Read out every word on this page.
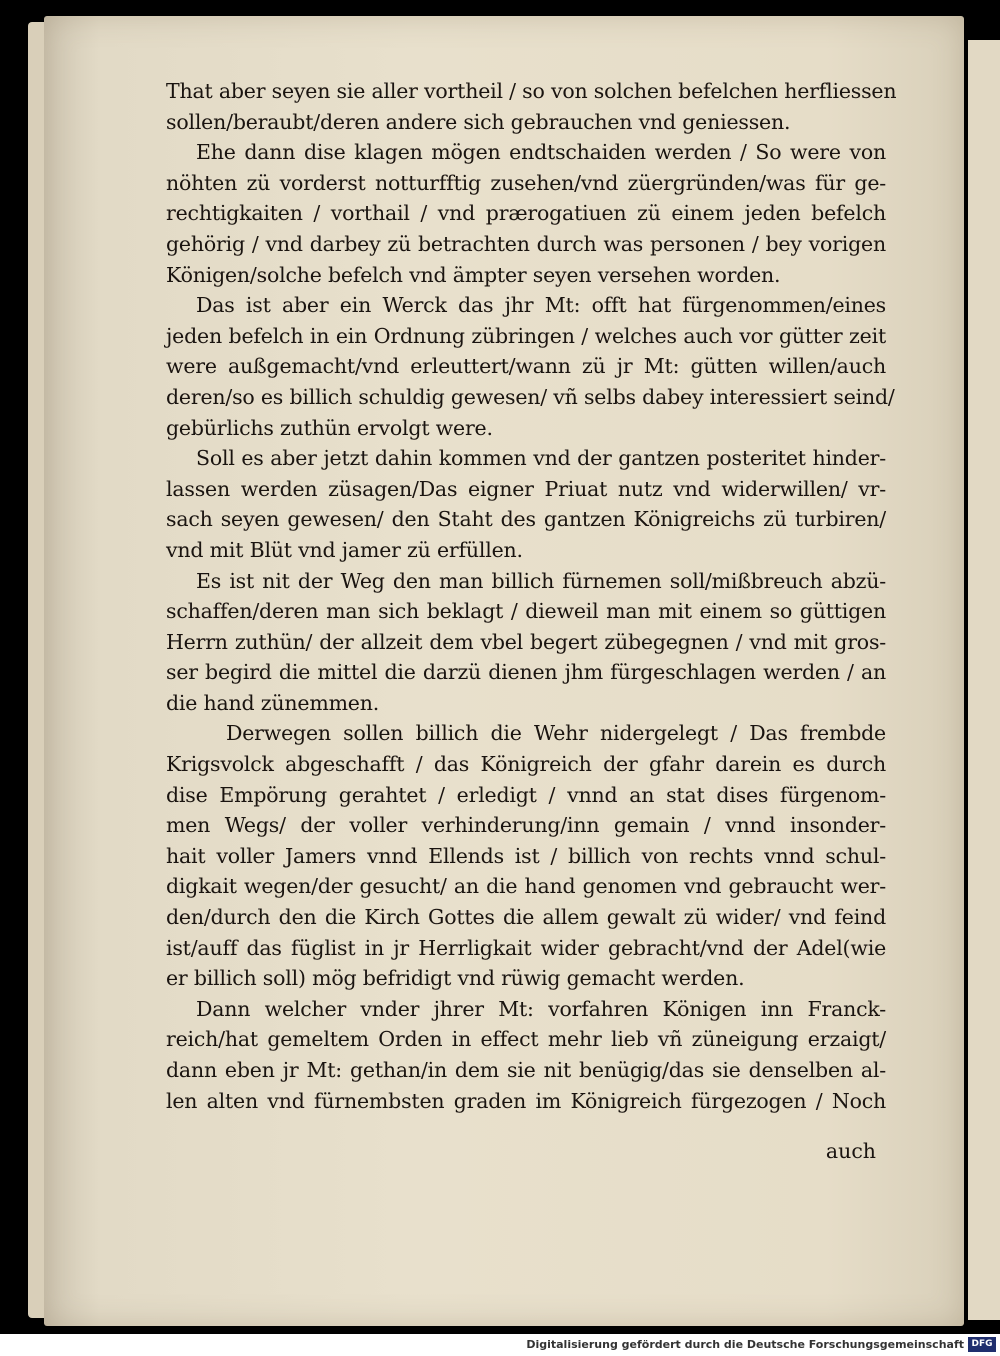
That aber seyen sie aller vortheil / so von solchen befelchen herfliessen
sollen/beraubt/deren andere sich gebrauchen vnd geniessen.
Ehe dann dise klagen mögen endtschaiden werden / So were von
nöhten zü vorderst notturfftig zusehen/vnd züergründen/was für ge-
rechtigkaiten / vorthail / vnd prærogatiuen zü einem jeden befelch
gehörig / vnd darbey zü betrachten durch was personen / bey vorigen
Königen/solche befelch vnd ämpter seyen versehen worden.
Das ist aber ein Werck das jhr Mt: offt hat fürgenommen/eines
jeden befelch in ein Ordnung zübringen / welches auch vor gütter zeit
were außgemacht/vnd erleuttert/wann zü jr Mt: gütten willen/auch
deren/so es billich schuldig gewesen/ vñ selbs dabey interessiert seind/
gebürlichs zuthün ervolgt were.
Soll es aber jetzt dahin kommen vnd der gantzen posteritet hinder-
lassen werden züsagen/Das eigner Priuat nutz vnd widerwillen/ vr-
sach seyen gewesen/ den Staht des gantzen Königreichs zü turbiren/
vnd mit Blüt vnd jamer zü erfüllen.
Es ist nit der Weg den man billich fürnemen soll/mißbreuch abzü-
schaffen/deren man sich beklagt / dieweil man mit einem so güttigen
Herrn zuthün/ der allzeit dem vbel begert zübegegnen / vnd mit gros-
ser begird die mittel die darzü dienen jhm fürgeschlagen werden / an
die hand zünemmen.
Derwegen sollen billich die Wehr nidergelegt / Das frembde
Krigsvolck abgeschafft / das Königreich der gfahr darein es durch
dise Empörung gerahtet / erledigt / vnnd an stat dises fürgenom-
men Wegs/ der voller verhinderung/inn gemain / vnnd insonder-
hait voller Jamers vnnd Ellends ist / billich von rechts vnnd schul-
digkait wegen/der gesucht/ an die hand genomen vnd gebraucht wer-
den/durch den die Kirch Gottes die allem gewalt zü wider/ vnd feind
ist/auff das füglist in jr Herrligkait wider gebracht/vnd der Adel(wie
er billich soll) mög befridigt vnd rüwig gemacht werden.
Dann welcher vnder jhrer Mt: vorfahren Königen inn Franck-
reich/hat gemeltem Orden in effect mehr lieb vñ züneigung erzaigt/
dann eben jr Mt: gethan/in dem sie nit benügig/das sie denselben al-
len alten vnd fürnembsten graden im Königreich fürgezogen / Noch
auch
Digitalisierung gefördert durch die Deutsche Forschungsgemeinschaft DFG
